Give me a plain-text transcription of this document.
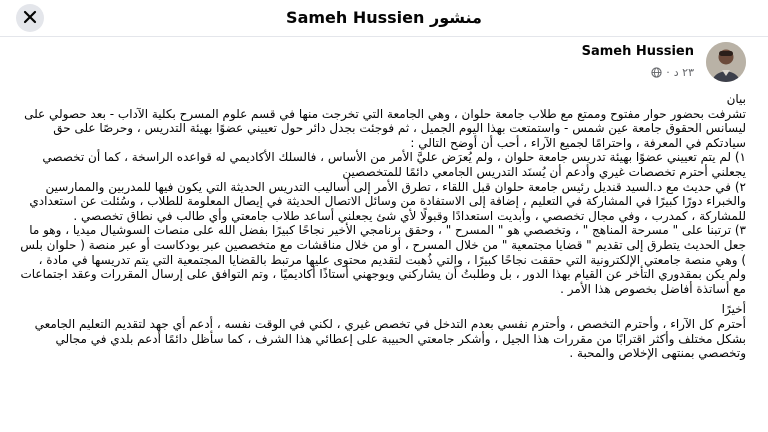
منشور Sameh Hussien
Sameh Hussien
٢٣ د
·

بيان

تشرفت بحضور حوار مفتوح وممتع مع طلاب جامعة حلوان ، وهي الجامعة التي تخرجت منها في قسم علوم المسرح بكلية الآداب - بعد حصولي على ليسانس الحقوق جامعة عين شمس - واستمتعت بهذا اليوم الجميل ، ثم فوجئت بجدل دائر حول تعييني عضوًا بهيئة التدريس ، وحرصًا على حق سيادتكم في المعرفة ، واحترامًا لجميع الآراء ، أحب أن أوضح التالي :

١) لم يتم تعييني عضوًا بهيئة تدريس جامعة حلوان ، ولم يُعرَض عليَّ الأمر من الأساس ، فالسلك الأكاديمي له قواعده الراسخة ، كما أن تخصصي يجعلني أحترم تخصصات غيري وأدعم أن يُسنَد التدريس الجامعي دائمًا للمتخصصين

٢) في حديث مع د.السيد قنديل رئيس جامعة حلوان قبل اللقاء ، تطرق الأمر إلى أساليب التدريس الحديثة التي يكون فيها للمدربين والممارسين والخبراء دورًا كبيرًا في المشاركة في التعليم ، إضافة إلى الاستفادة من وسائل الاتصال الحديثة في إيصال المعلومة للطلاب ، وسُئلت عن استعدادي للمشاركة ، كمدرب ، وفي مجال تخصصي ، وأبديت استعدادًا وقبولًا لأي شئ يجعلني أساعد طلاب جامعتي وأي طالب في نطاق تخصصي .

٣) ترتبنا على " مسرحة المناهج " ، وتخصصي هو " المسرح " ، وحقق برنامجي الأخير نجاحًا كبيرًا بفضل الله على منصات السوشيال ميديا ، وهو ما جعل الحديث يتطرق إلى تقديم " قضايا مجتمعية " من خلال المسرح ، أو من خلال مناقشات مع متخصصين عبر بودكاست أو عبر منصة ( حلوان بلس ) وهي منصة جامعتي الإلكترونية التي حققت نجاحًا كبيرًا ، والتي ذُهبت لتقديم محتوى عليها مرتبط بالقضايا المجتمعية التي يتم تدريسها في مادة ، ولم يكن بمقدوري التأخر عن القيام بهذا الدور ، بل وطلبتُ أن يشاركني ويوجهني أستاذًا أكاديميًا ، وتم التوافق على إرسال المقررات وعقد اجتماعات مع أساتذة أفاضل بخصوص هذا الأمر .

أخيرًا

أحترم كل الآراء ، وأحترم التخصص ، وأحترم نفسي بعدم التدخل في تخصص غيري ، لكني في الوقت نفسه ، أدعم أي جهد لتقديم التعليم الجامعي بشكل مختلف وأكثر اقترابًا من مقررات هذا الجيل ، وأشكر جامعتي الحبيبة على إعطائي هذا الشرف ، كما سأظل دائمًا أدعم بلدي في مجالي وتخصصي بمنتهى الإخلاص والمحبة .
